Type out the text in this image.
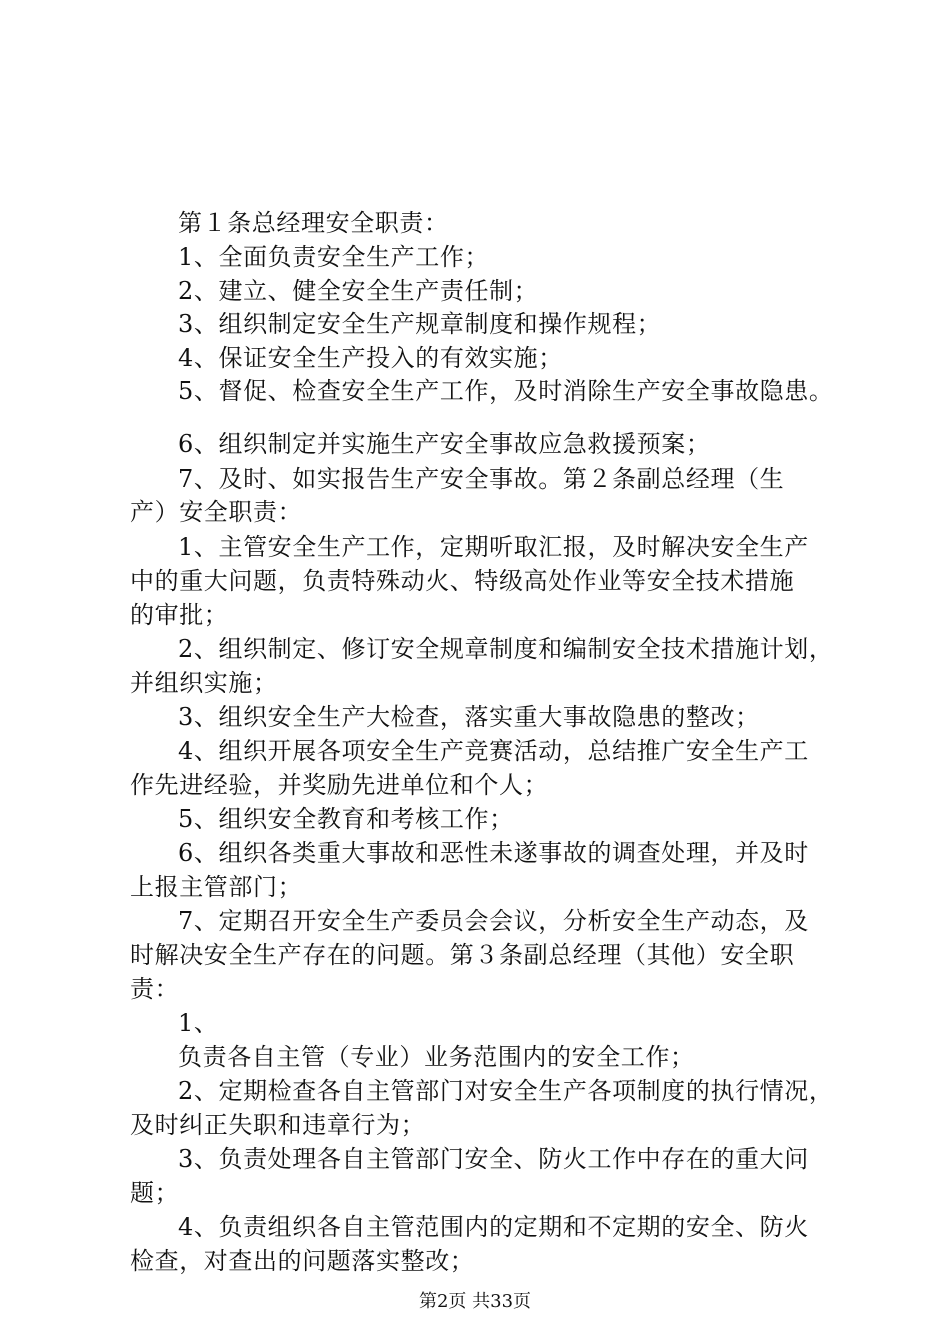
第１条总经理安全职责：
1、全面负责安全生产工作；
2、建立、健全安全生产责任制；
3、组织制定安全生产规章制度和操作规程；
4、保证安全生产投入的有效实施；
5、督促、检查安全生产工作，及时消除生产安全事故隐患。
6、组织制定并实施生产安全事故应急救援预案；
7、及时、如实报告生产安全事故。第２条副总经理（生
产）安全职责：
1、主管安全生产工作，定期听取汇报，及时解决安全生产
中的重大问题，负责特殊动火、特级高处作业等安全技术措施
的审批；
2、组织制定、修订安全规章制度和编制安全技术措施计划，
并组织实施；
3、组织安全生产大检查，落实重大事故隐患的整改；
4、组织开展各项安全生产竞赛活动，总结推广安全生产工
作先进经验，并奖励先进单位和个人；
5、组织安全教育和考核工作；
6、组织各类重大事故和恶性未遂事故的调查处理，并及时
上报主管部门；
7、定期召开安全生产委员会会议，分析安全生产动态，及
时解决安全生产存在的问题。第３条副总经理（其他）安全职
责：
1、
负责各自主管（专业）业务范围内的安全工作；
2、定期检查各自主管部门对安全生产各项制度的执行情况，
及时纠正失职和违章行为；
3、负责处理各自主管部门安全、防火工作中存在的重大问
题；
4、负责组织各自主管范围内的定期和不定期的安全、防火
检查，对查出的问题落实整改；
第2页 共33页
